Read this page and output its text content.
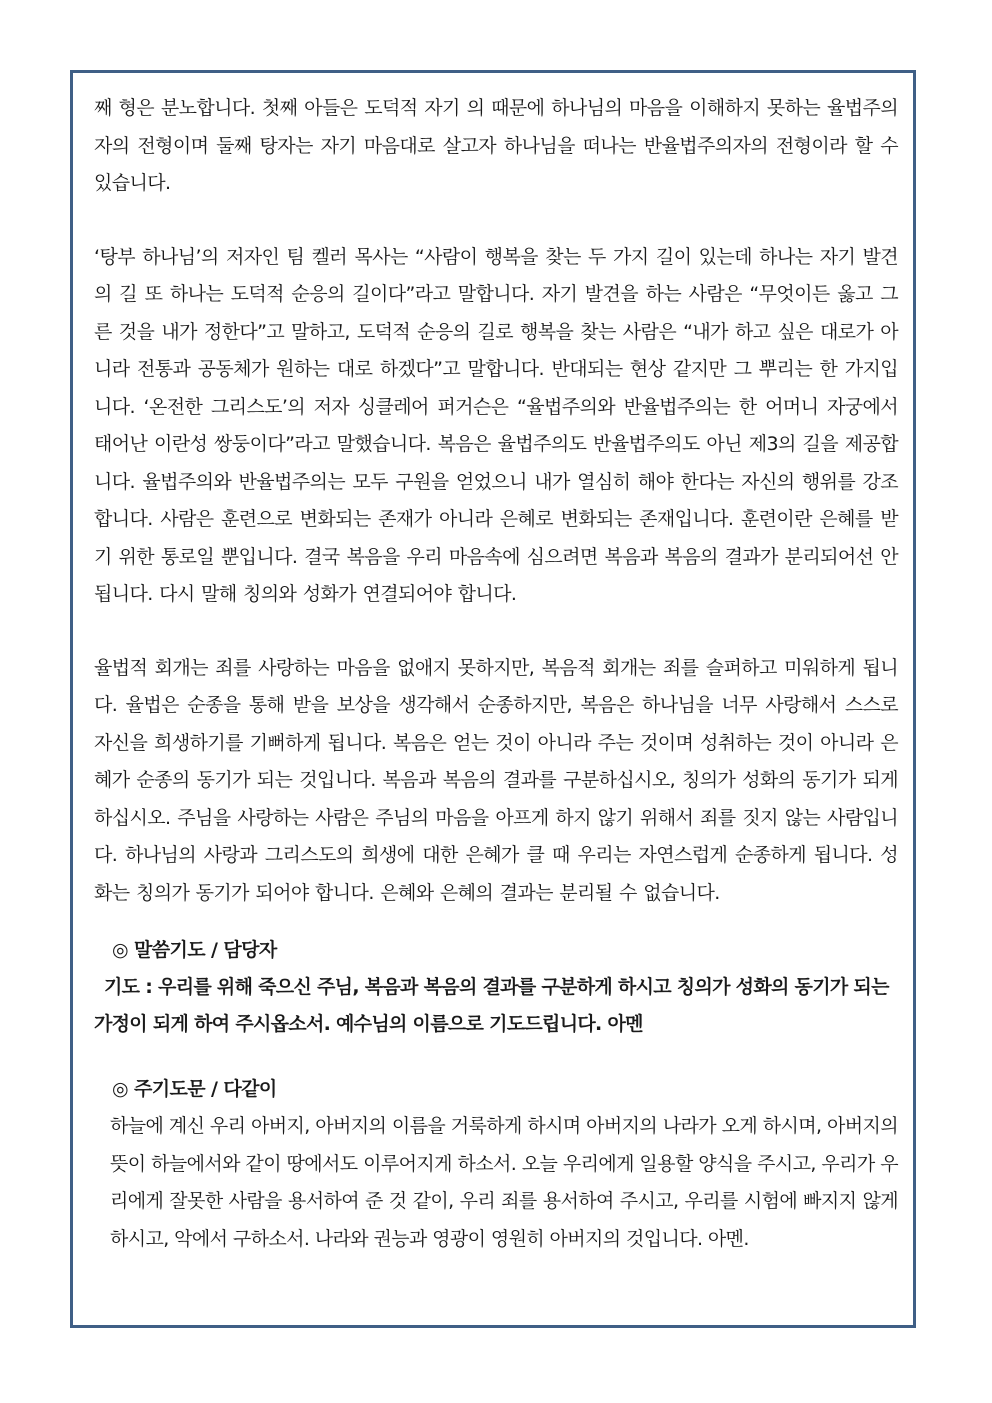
째 형은 분노합니다. 첫째 아들은 도덕적 자기 의 때문에 하나님의 마음을 이해하지 못하는 율법주의자의 전형이며 둘째 탕자는 자기 마음대로 살고자 하나님을 떠나는 반율법주의자의 전형이라 할 수 있습니다.

‘탕부 하나님’의 저자인 팀 켈러 목사는 “사람이 행복을 찾는 두 가지 길이 있는데 하나는 자기 발견의 길 또 하나는 도덕적 순응의 길이다”라고 말합니다. 자기 발견을 하는 사람은 “무엇이든 옳고 그른 것을 내가 정한다”고 말하고, 도덕적 순응의 길로 행복을 찾는 사람은 “내가 하고 싶은 대로가 아니라 전통과 공동체가 원하는 대로 하겠다”고 말합니다. 반대되는 현상 같지만 그 뿌리는 한 가지입니다. ‘온전한 그리스도’의 저자 싱클레어 퍼거슨은 “율법주의와 반율법주의는 한 어머니 자궁에서 태어난 이란성 쌍둥이다”라고 말했습니다. 복음은 율법주의도 반율법주의도 아닌 제3의 길을 제공합니다. 율법주의와 반율법주의는 모두 구원을 얻었으니 내가 열심히 해야 한다는 자신의 행위를 강조합니다. 사람은 훈련으로 변화되는 존재가 아니라 은혜로 변화되는 존재입니다. 훈련이란 은혜를 받기 위한 통로일 뿐입니다. 결국 복음을 우리 마음속에 심으려면 복음과 복음의 결과가 분리되어선 안 됩니다. 다시 말해 칭의와 성화가 연결되어야 합니다.

율법적 회개는 죄를 사랑하는 마음을 없애지 못하지만, 복음적 회개는 죄를 슬퍼하고 미워하게 됩니다. 율법은 순종을 통해 받을 보상을 생각해서 순종하지만, 복음은 하나님을 너무 사랑해서 스스로 자신을 희생하기를 기뻐하게 됩니다. 복음은 얻는 것이 아니라 주는 것이며 성취하는 것이 아니라 은혜가 순종의 동기가 되는 것입니다. 복음과 복음의 결과를 구분하십시오, 칭의가 성화의 동기가 되게 하십시오. 주님을 사랑하는 사람은 주님의 마음을 아프게 하지 않기 위해서 죄를 짓지 않는 사람입니다. 하나님의 사랑과 그리스도의 희생에 대한 은혜가 클 때 우리는 자연스럽게 순종하게 됩니다. 성화는 칭의가 동기가 되어야 합니다. 은혜와 은혜의 결과는 분리될 수 없습니다.

◎ 말씀기도 / 담당자

기도 : 우리를 위해 죽으신 주님, 복음과 복음의 결과를 구분하게 하시고 칭의가 성화의 동기가 되는

가정이 되게 하여 주시옵소서. 예수님의 이름으로 기도드립니다. 아멘

◎ 주기도문 / 다같이

하늘에 계신 우리 아버지, 아버지의 이름을 거룩하게 하시며 아버지의 나라가 오게 하시며, 아버지의 뜻이 하늘에서와 같이 땅에서도 이루어지게 하소서. 오늘 우리에게 일용할 양식을 주시고, 우리가 우리에게 잘못한 사람을 용서하여 준 것 같이, 우리 죄를 용서하여 주시고, 우리를 시험에 빠지지 않게 하시고, 악에서 구하소서. 나라와 권능과 영광이 영원히 아버지의 것입니다. 아멘.
